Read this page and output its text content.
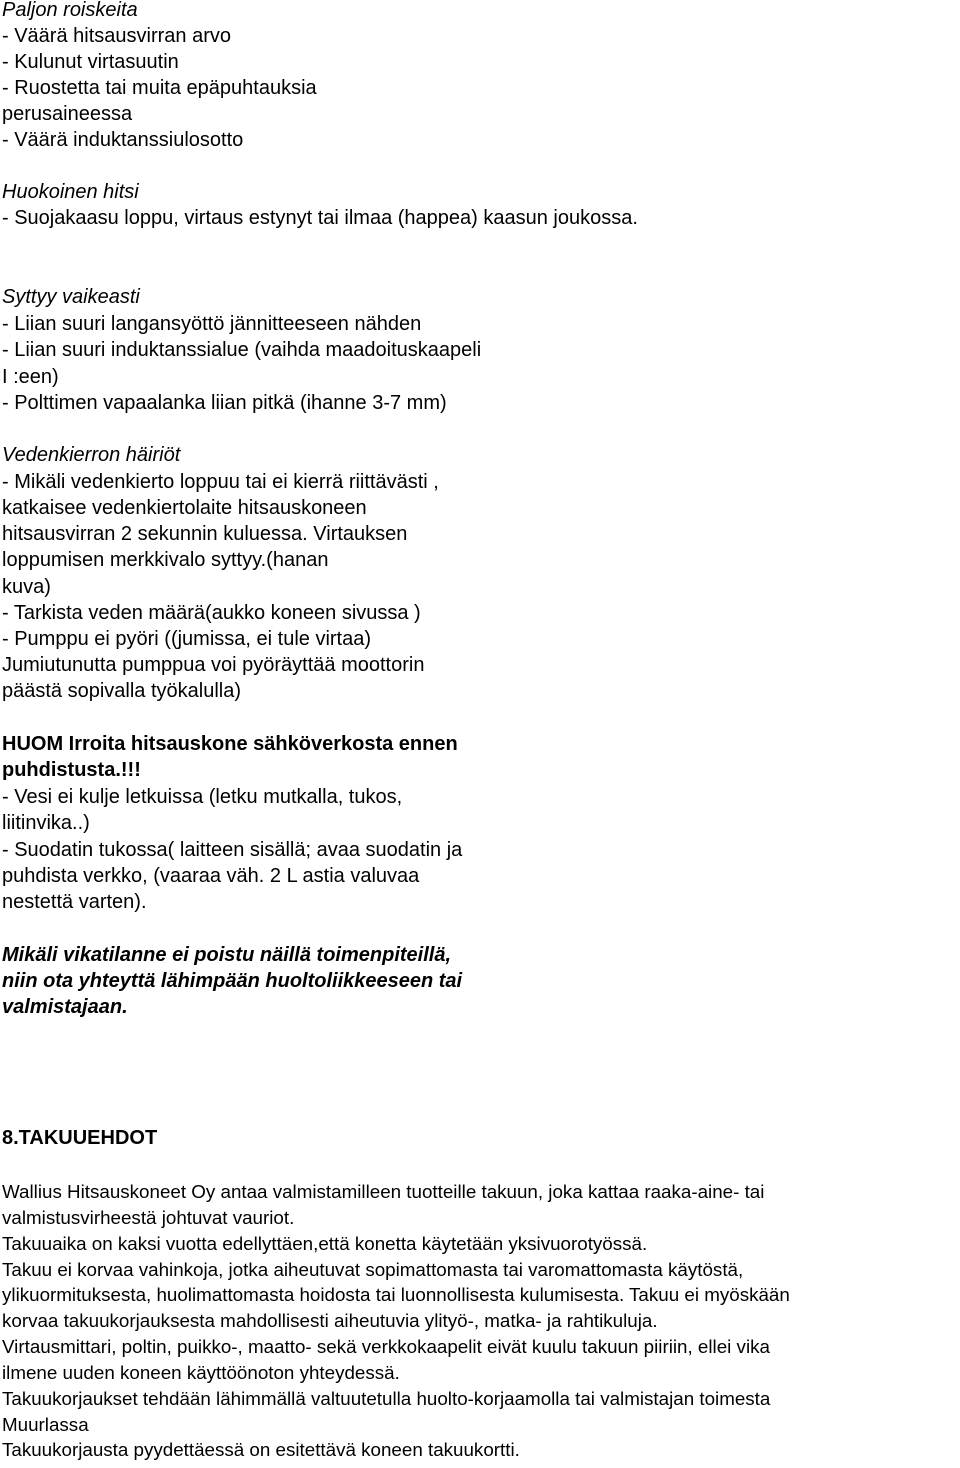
Paljon roiskeita
- Väärä hitsausvirran arvo
- Kulunut virtasuutin
- Ruostetta tai muita epäpuhtauksia
perusaineessa
- Väärä induktanssiulosotto
Huokoinen hitsi
- Suojakaasu loppu, virtaus estynyt tai ilmaa (happea) kaasun joukossa.
Syttyy vaikeasti
- Liian suuri langansyöttö jännitteeseen nähden
- Liian suuri induktanssialue (vaihda maadoituskaapeli
I :een)
- Polttimen vapaalanka liian pitkä (ihanne 3-7 mm)
Vedenkierron häiriöt
- Mikäli vedenkierto loppuu tai ei kierrä riittävästi ,
katkaisee vedenkiertolaite hitsauskoneen
hitsausvirran 2 sekunnin kuluessa. Virtauksen
loppumisen merkkivalo syttyy.(hanan
kuva)
- Tarkista veden määrä(aukko koneen sivussa )
- Pumppu ei pyöri ((jumissa, ei tule virtaa)
Jumiutunutta pumppua voi pyöräyttää moottorin
päästä sopivalla työkalulla)
HUOM Irroita hitsauskone sähköverkosta ennen
puhdistusta.!!!
- Vesi ei kulje letkuissa (letku mutkalla, tukos,
liitinvika..)
- Suodatin tukossa( laitteen sisällä; avaa suodatin ja
puhdista verkko, (vaaraa väh. 2 L astia valuvaa
nestettä varten).
Mikäli vikatilanne ei poistu näillä toimenpiteillä,
niin ota yhteyttä lähimpään huoltoliikkeeseen tai
valmistajaan.
8.TAKUUEHDOT
Wallius Hitsauskoneet Oy antaa valmistamilleen tuotteille takuun, joka kattaa raaka-aine- tai
valmistusvirheestä johtuvat vauriot.
Takuuaika on kaksi vuotta edellyttäen,että konetta käytetään yksivuorotyössä.
Takuu ei korvaa vahinkoja, jotka aiheutuvat sopimattomasta tai varomattomasta käytöstä,
ylikuormituksesta, huolimattomasta hoidosta tai luonnollisesta kulumisesta. Takuu ei myöskään
korvaa takuukorjauksesta mahdollisesti aiheutuvia ylityö-, matka- ja rahtikuluja.
Virtausmittari, poltin, puikko-, maatto- sekä verkkokaapelit eivät kuulu takuun piiriin, ellei vika
ilmene uuden koneen käyttöönoton yhteydessä.
Takuukorjaukset tehdään lähimmällä valtuutetulla huolto-korjaamolla tai valmistajan toimesta
Muurlassa
Takuukorjausta pyydettäessä on esitettävä koneen takuukortti.
